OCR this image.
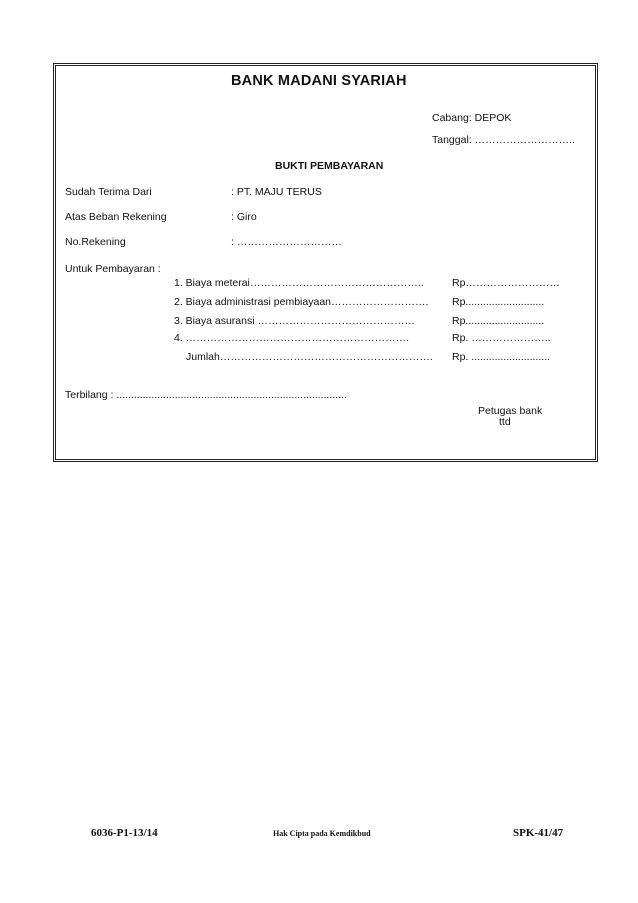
BANK MADANI SYARIAH
Cabang: DEPOK
Tanggal: ………………………..
BUKTI PEMBAYARAN
Sudah Terima Dari	: PT. MAJU TERUS
Atas Beban Rekening	: Giro
No.Rekening	: …………………………
Untuk Pembayaran :
1. Biaya meterai…………………………………………..	Rp………………………
2. Biaya administrasi pembiayaan………………………. Rp...........................
3. Biaya asuransi ………………………………………	Rp...........................
4. ……………………………………………………….	Rp. …………………..
Jumlah……………………………………………………. Rp. ...........................
Terbilang : ...............................................................................
Petugas bank
ttd
6036-P1-13/14	Hak Cipta pada Kemdikbud	SPK-41/47
